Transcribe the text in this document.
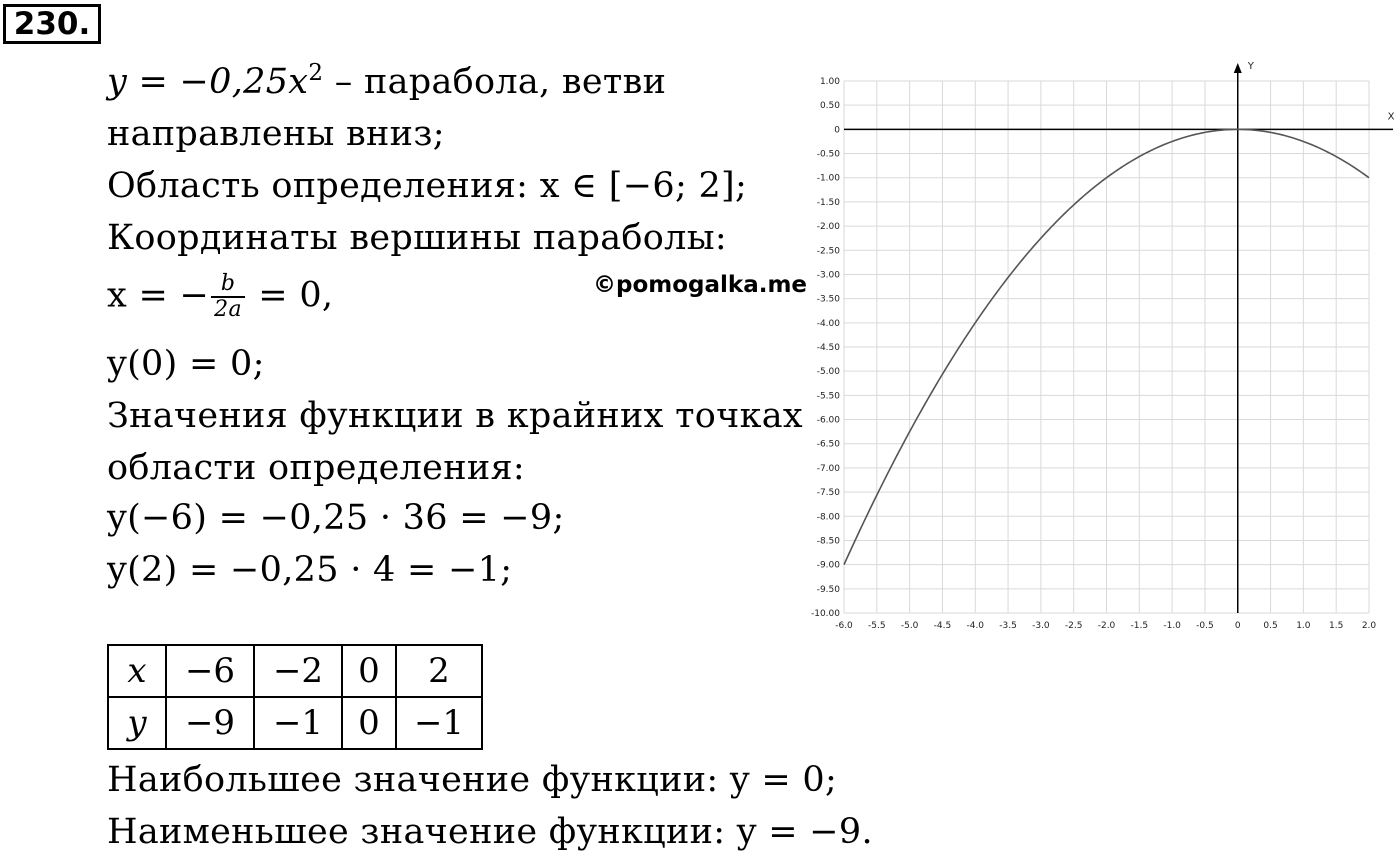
230.
$y = -0,25x^2$ – парабола, ветви
направлены вниз;
Область определения: x ∈ [−6; 2];
Координаты вершины параболы:
x = − $\frac{b}{2a} = 0$,
y(0) = 0;
Значения функции в крайних точках
области определения:
y(−6) = −0,25 · 36 = −9;
y(2) = −0,25 · 4 = −1;
©pomogalka.me
x	−6	−2	0	2
y	−9	−1	0	−1
Наибольшее значение функции: y = 0;
Наименьшее значение функции: y = −9.
1.00
0.50
0
-0.50
-1.00
-1.50
-2.00
-2.50
-3.00
-3.50
-4.00
-4.50
-5.00
-5.50
-6.00
-6.50
-7.00
-7.50
-8.00
-8.50
-9.00
-9.50
-10.00
-6.0 -5.5 -5.0 -4.5 -4.0 -3.5 -3.0 -2.5 -2.0 -1.5 -1.0 -0.5 0	0.5 1.0 1.5 2.0
X
Y
